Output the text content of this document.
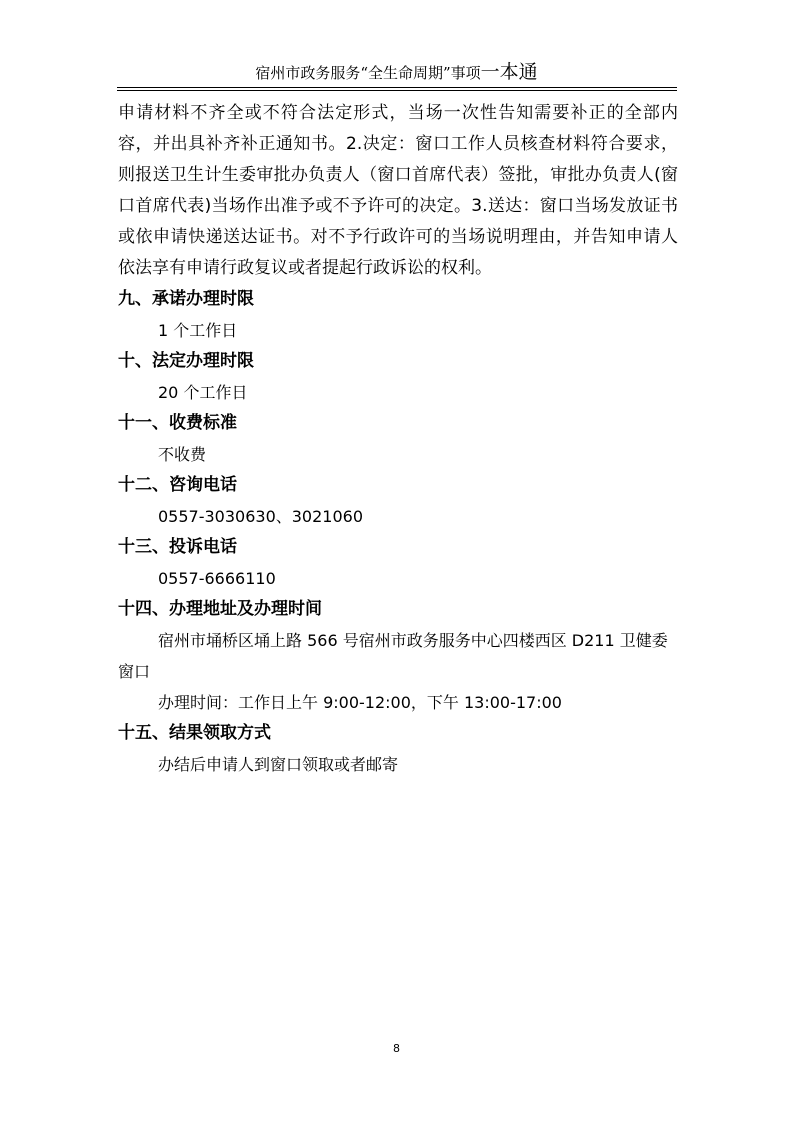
宿州市政务服务“全生命周期”事项一本通

申请材料不齐全或不符合法定形式，当场一次性告知需要补正的全部内容，并出具补齐补正通知书。2.决定：窗口工作人员核查材料符合要求，则报送卫生计生委审批办负责人（窗口首席代表）签批，审批办负责人(窗口首席代表)当场作出准予或不予许可的决定。3.送达：窗口当场发放证书或依申请快递送达证书。对不予行政许可的当场说明理由，并告知申请人依法享有申请行政复议或者提起行政诉讼的权利。

九、承诺办理时限

1 个工作日

十、法定办理时限

20 个工作日

十一、收费标准

不收费

十二、咨询电话

0557-3030630、3021060

十三、投诉电话

0557-6666110

十四、办理地址及办理时间

宿州市埇桥区埇上路 566 号宿州市政务服务中心四楼西区 D211 卫健委窗口

办理时间：工作日上午 9:00-12:00，下午 13:00-17:00

十五、结果领取方式

办结后申请人到窗口领取或者邮寄

8
